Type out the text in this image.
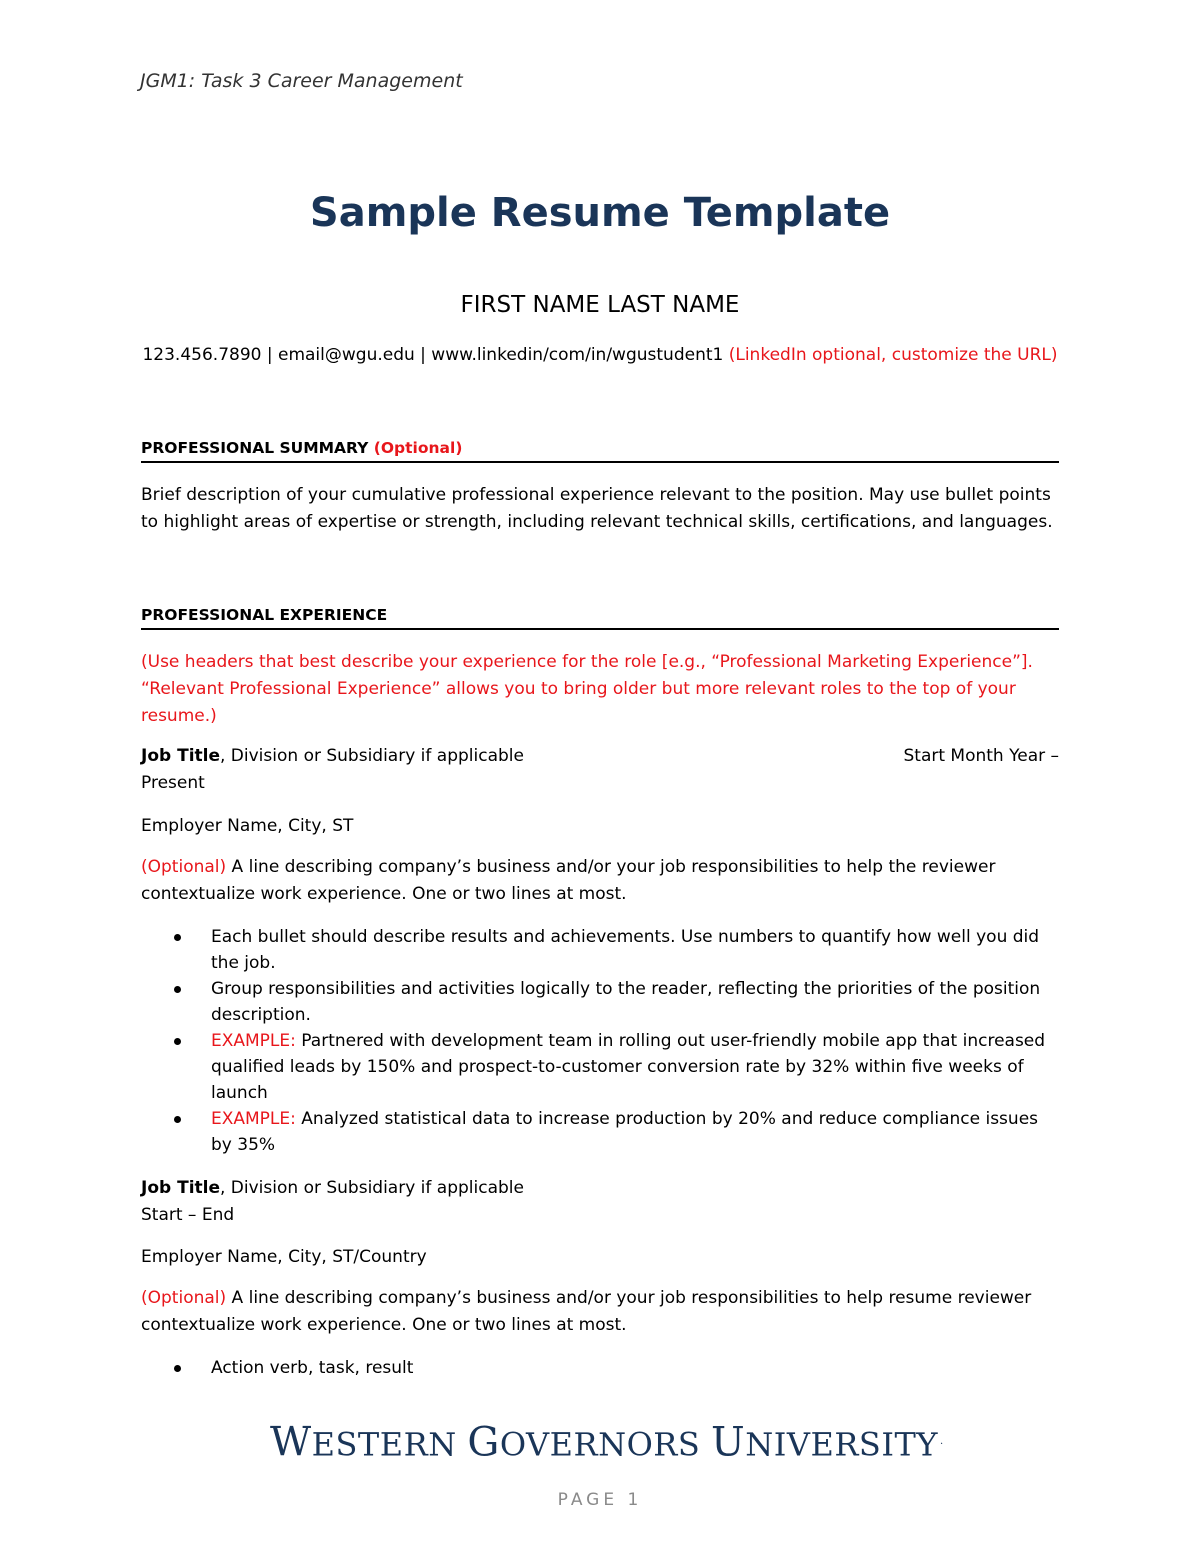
JGM1: Task 3 Career Management
Sample Resume Template
FIRST NAME LAST NAME
123.456.7890 | email@wgu.edu | www.linkedin/com/in/wgustudent1 (LinkedIn optional, customize the URL)
PROFESSIONAL SUMMARY (Optional)
Brief description of your cumulative professional experience relevant to the position. May use bullet points to highlight areas of expertise or strength, including relevant technical skills, certifications, and languages.
PROFESSIONAL EXPERIENCE
(Use headers that best describe your experience for the role [e.g., “Professional Marketing Experience”]. “Relevant Professional Experience” allows you to bring older but more relevant roles to the top of your resume.)
Job Title, Division or Subsidiary if applicable	Start Month Year –
Present
Employer Name, City, ST
(Optional) A line describing company’s business and/or your job responsibilities to help the reviewer contextualize work experience. One or two lines at most.
Each bullet should describe results and achievements. Use numbers to quantify how well you did the job.
Group responsibilities and activities logically to the reader, reflecting the priorities of the position description.
EXAMPLE: Partnered with development team in rolling out user-friendly mobile app that increased qualified leads by 150% and prospect-to-customer conversion rate by 32% within five weeks of launch
EXAMPLE: Analyzed statistical data to increase production by 20% and reduce compliance issues by 35%
Job Title, Division or Subsidiary if applicable
Start – End
Employer Name, City, ST/Country
(Optional) A line describing company’s business and/or your job responsibilities to help resume reviewer contextualize work experience. One or two lines at most.
Action verb, task, result
WESTERN GOVERNORS UNIVERSITY .
PAGE 1
